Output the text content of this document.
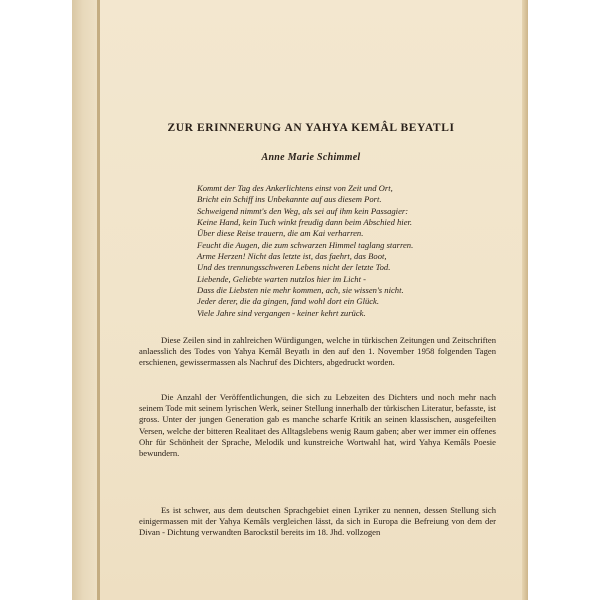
ZUR ERINNERUNG AN YAHYA KEMÂL BEYATLI
Anne Marie Schimmel
Kommt der Tag des Ankerlichtens einst von Zeit und Ort,
Bricht ein Schiff ins Unbekannte auf aus diesem Port.
Schweigend nimmt's den Weg, als sei auf ihm kein Passagier:
Keine Hand, kein Tuch winkt freudig dann beim Abschied hier.
Über diese Reise trauern, die am Kai verharren.
Feucht die Augen, die zum schwarzen Himmel taglang starren.
Arme Herzen! Nicht das letzte ist, das faehrt, das Boot,
Und des trennungsschweren Lebens nicht der letzte Tod.
Liebende, Geliebte warten nutzlos hier im Licht -
Dass die Liebsten nie mehr kommen, ach, sie wissen's nicht.
Jeder derer, die da gingen, fand wohl dort ein Glück.
Viele Jahre sind vergangen - keiner kehrt zurück.

Diese Zeilen sind in zahlreichen Würdigungen, welche in türkischen Zeitungen und Zeitschriften anlaesslich des Todes von Yahya Kemâl Beyatlı in den auf den 1. November 1958 folgenden Tagen erschienen, gewissermassen als Nachruf des Dichters, abgedruckt worden.

Die Anzahl der Veröffentlichungen, die sich zu Lebzeiten des Dichters und noch mehr nach seinem Tode mit seinem lyrischen Werk, seiner Stellung innerhalb der türkischen Literatur, befasste, ist gross. Unter der jungen Generation gab es manche scharfe Kritik an seinen klassischen, ausgefeilten Versen, welche der bitteren Realitaet des Alltagslebens wenig Raum gaben; aber wer immer ein offenes Ohr für Schönheit der Sprache, Melodik und kunstreiche Wortwahl hat, wird Yahya Kemâls Poesie bewundern.

Es ist schwer, aus dem deutschen Sprachgebiet einen Lyriker zu nennen, dessen Stellung sich einigermassen mit der Yahya Kemâls vergleichen lässt, da sich in Europa die Befreiung von dem der Divan - Dichtung verwandten Barockstil bereits im 18. Jhd. vollzogen
